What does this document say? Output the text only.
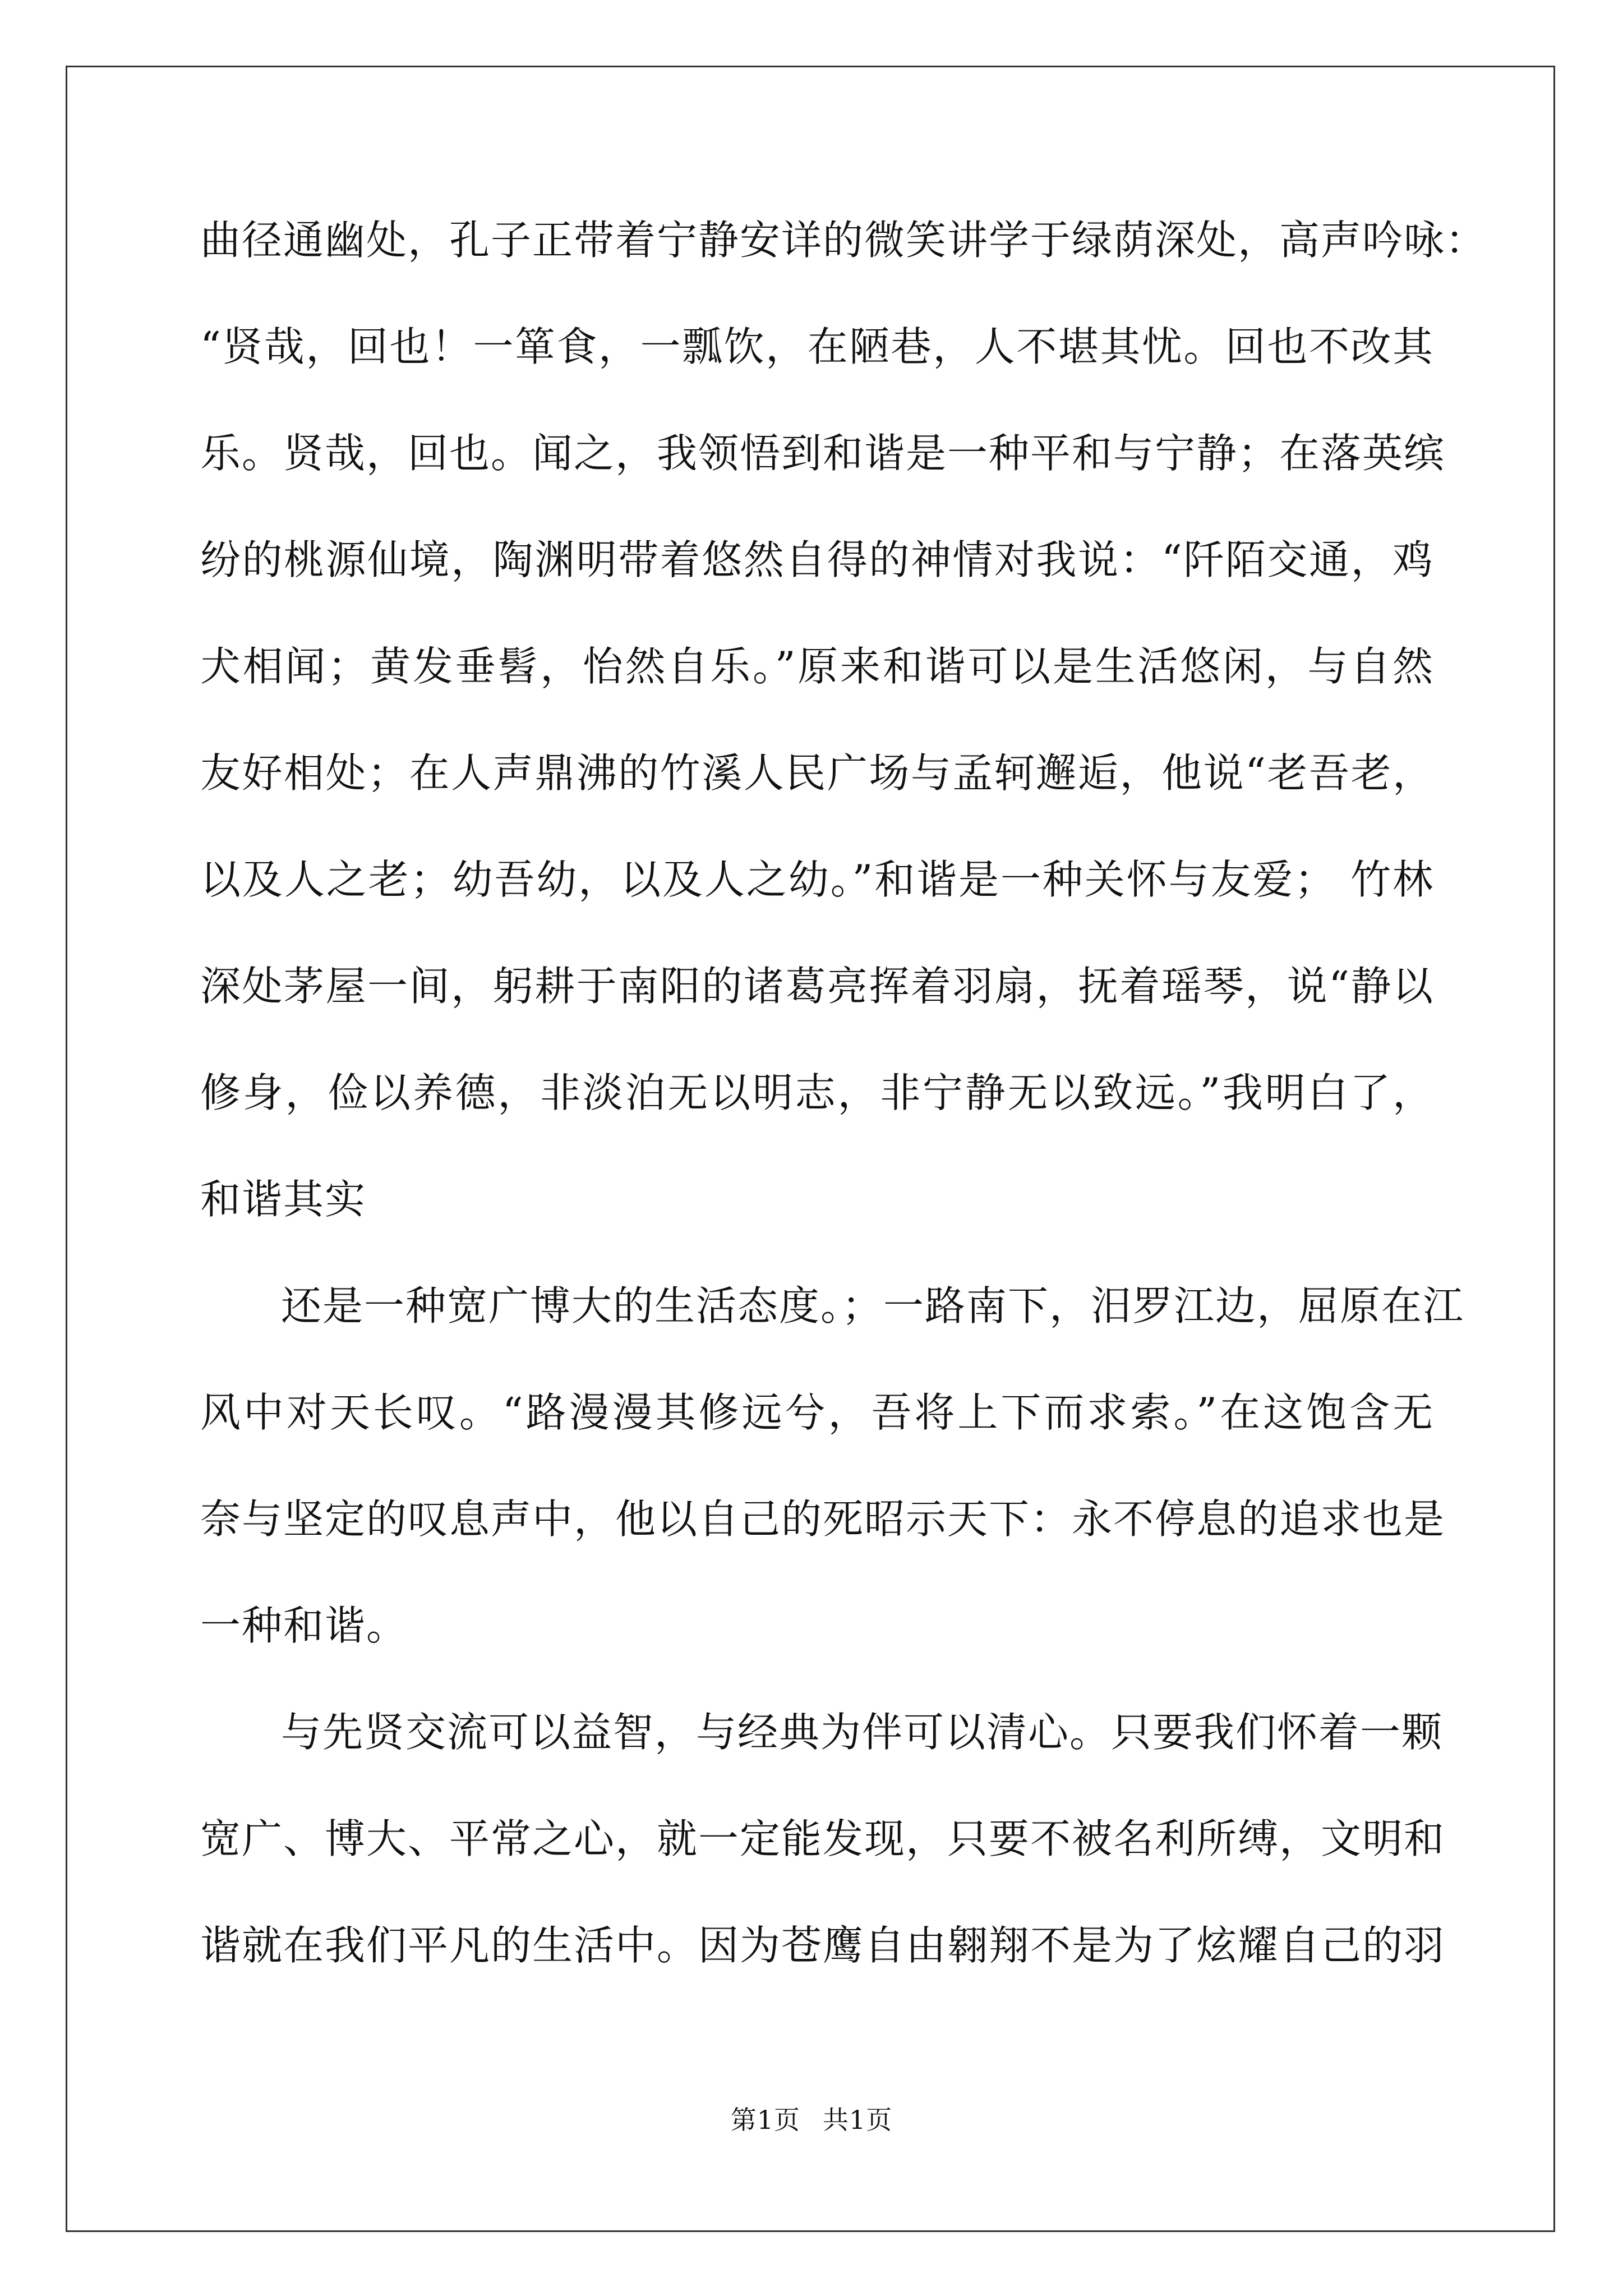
曲径通幽处，孔子正带着宁静安详的微笑讲学于绿荫深处，高声吟咏：
“贤哉，回也！一箪食，一瓢饮，在陋巷，人不堪其忧。回也不改其
乐。贤哉，回也。闻之，我领悟到和谐是一种平和与宁静；在落英缤
纷的桃源仙境，陶渊明带着悠然自得的神情对我说：“阡陌交通，鸡
犬相闻；黄发垂髫，怡然自乐。”原来和谐可以是生活悠闲，与自然
友好相处；在人声鼎沸的竹溪人民广场与孟轲邂逅，他说“老吾老，
以及人之老；幼吾幼，以及人之幼。”和谐是一种关怀与友爱； 竹林
深处茅屋一间，躬耕于南阳的诸葛亮挥着羽扇，抚着瑶琴，说“静以
修身，俭以养德，非淡泊无以明志，非宁静无以致远。”我明白了，
和谐其实
还是一种宽广博大的生活态度。；一路南下，汨罗江边，屈原在江
风中对天长叹。“路漫漫其修远兮，吾将上下而求索。”在这饱含无
奈与坚定的叹息声中，他以自己的死昭示天下：永不停息的追求也是
一种和谐。
与先贤交流可以益智，与经典为伴可以清心。只要我们怀着一颗
宽广、博大、平常之心，就一定能发现，只要不被名利所缚，文明和
谐就在我们平凡的生活中。因为苍鹰自由翱翔不是为了炫耀自己的羽
第1页 共1页
